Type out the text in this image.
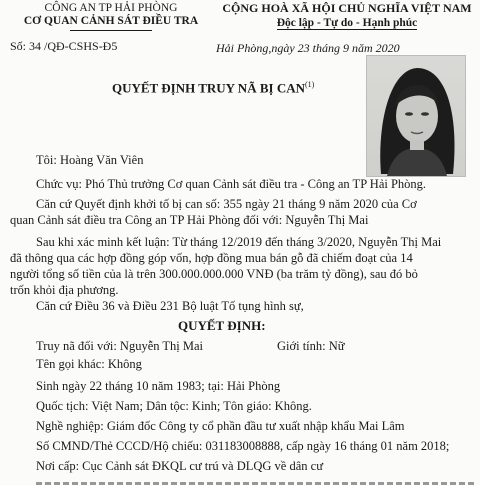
CÔNG AN TP HẢI PHÒNG
CƠ QUAN CẢNH SÁT ĐIỀU TRA
Số: 34 /QĐ-CSHS-Đ5
CỘNG HOÀ XÃ HỘI CHỦ NGHĨA VIỆT NAM
Độc lập - Tự do - Hạnh phúc
Hải Phòng,ngày 23 tháng 9 năm 2020
QUYẾT ĐỊNH TRUY NÃ BỊ CAN$^{(1)}$
Tôi: Hoàng Văn Viên
Chức vụ: Phó Thủ trưởng Cơ quan Cảnh sát điều tra - Công an TP Hải Phòng.
Căn cứ Quyết định khởi tố bị can số: 355 ngày 21 tháng 9 năm 2020 của Cơ
quan Cảnh sát điều tra Công an TP Hải Phòng đối với: Nguyễn Thị Mai
Sau khi xác minh kết luận: Từ tháng 12/2019 đến tháng 3/2020, Nguyễn Thị Mai
đã thông qua các hợp đồng góp vốn, hợp đồng mua bán gỗ đã chiếm đoạt của 14
người tổng số tiền của là trên 300.000.000.000 VNĐ (ba trăm tỷ đồng), sau đó bỏ
trốn khỏi địa phương.
Căn cứ Điều 36 và Điều 231 Bộ luật Tố tụng hình sự,
QUYẾT ĐỊNH:
Truy nã đối với: Nguyễn Thị Mai	Giới tính: Nữ
Tên gọi khác: Không
Sinh ngày 22 tháng 10 năm 1983; tại: Hải Phòng
Quốc tịch: Việt Nam; Dân tộc: Kinh; Tôn giáo: Không.
Nghề nghiệp: Giám đốc Công ty cổ phần đầu tư xuất nhập khẩu Mai Lâm
Số CMND/Thẻ CCCD/Hộ chiếu: 031183008888, cấp ngày 16 tháng 01 năm 2018;
Nơi cấp: Cục Cảnh sát ĐKQL cư trú và DLQG về dân cư
